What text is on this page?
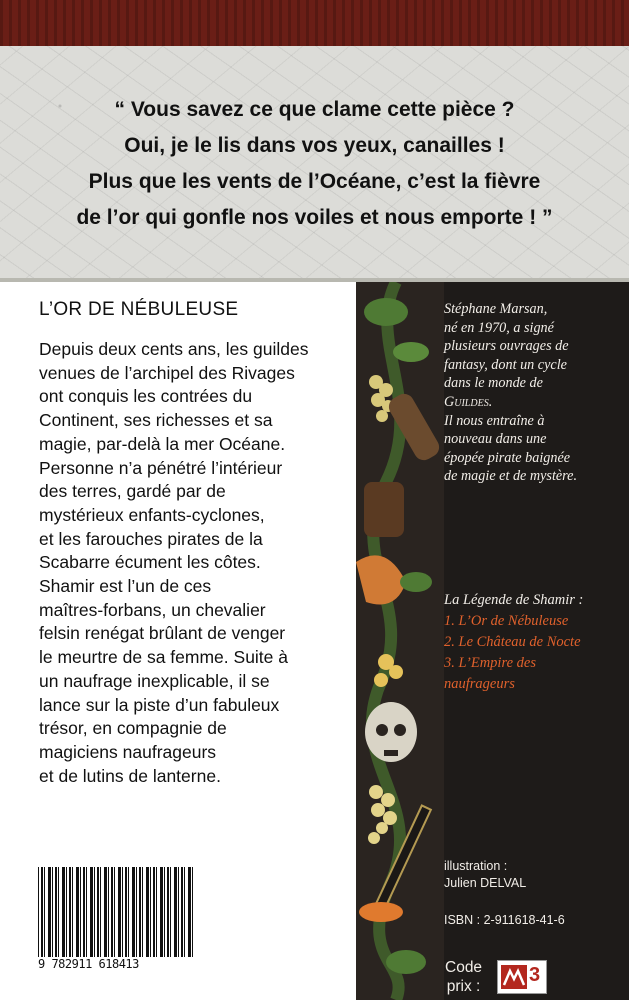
“ Vous savez ce que clame cette pièce ?
Oui, je le lis dans vos yeux, canailles !
Plus que les vents de l’Océane, c’est la fièvre
de l’or qui gonfle nos voiles et nous emporte ! ”
L’OR DE NÉBULEUSE
Depuis deux cents ans, les guildes
venues de l’archipel des Rivages
ont conquis les contrées du
Continent, ses richesses et sa
magie, par-delà la mer Océane.
Personne n’a pénétré l’intérieur
des terres, gardé par de
mystérieux enfants-cyclones,
et les farouches pirates de la
Scabarre écument les côtes.
Shamir est l’un de ces
maîtres-forbans, un chevalier
felsin renégat brûlant de venger
le meurtre de sa femme. Suite à
un naufrage inexplicable, il se
lance sur la piste d’un fabuleux
trésor, en compagnie de
magiciens naufrageurs
et de lutins de lanterne.
Stéphane Marsan,
né en 1970, a signé
plusieurs ouvrages de
fantasy, dont un cycle
dans le monde de
Guildes.
Il nous entraîne à
nouveau dans une
épopée pirate baignée
de magie et de mystère.
La Légende de Shamir :
1. L’Or de Nébuleuse
2. Le Château de Nocte
3. L’Empire des
naufrageurs
illustration :
Julien DELVAL
ISBN : 2-911618-41-6
Code
prix :
3
9 782911 618413
